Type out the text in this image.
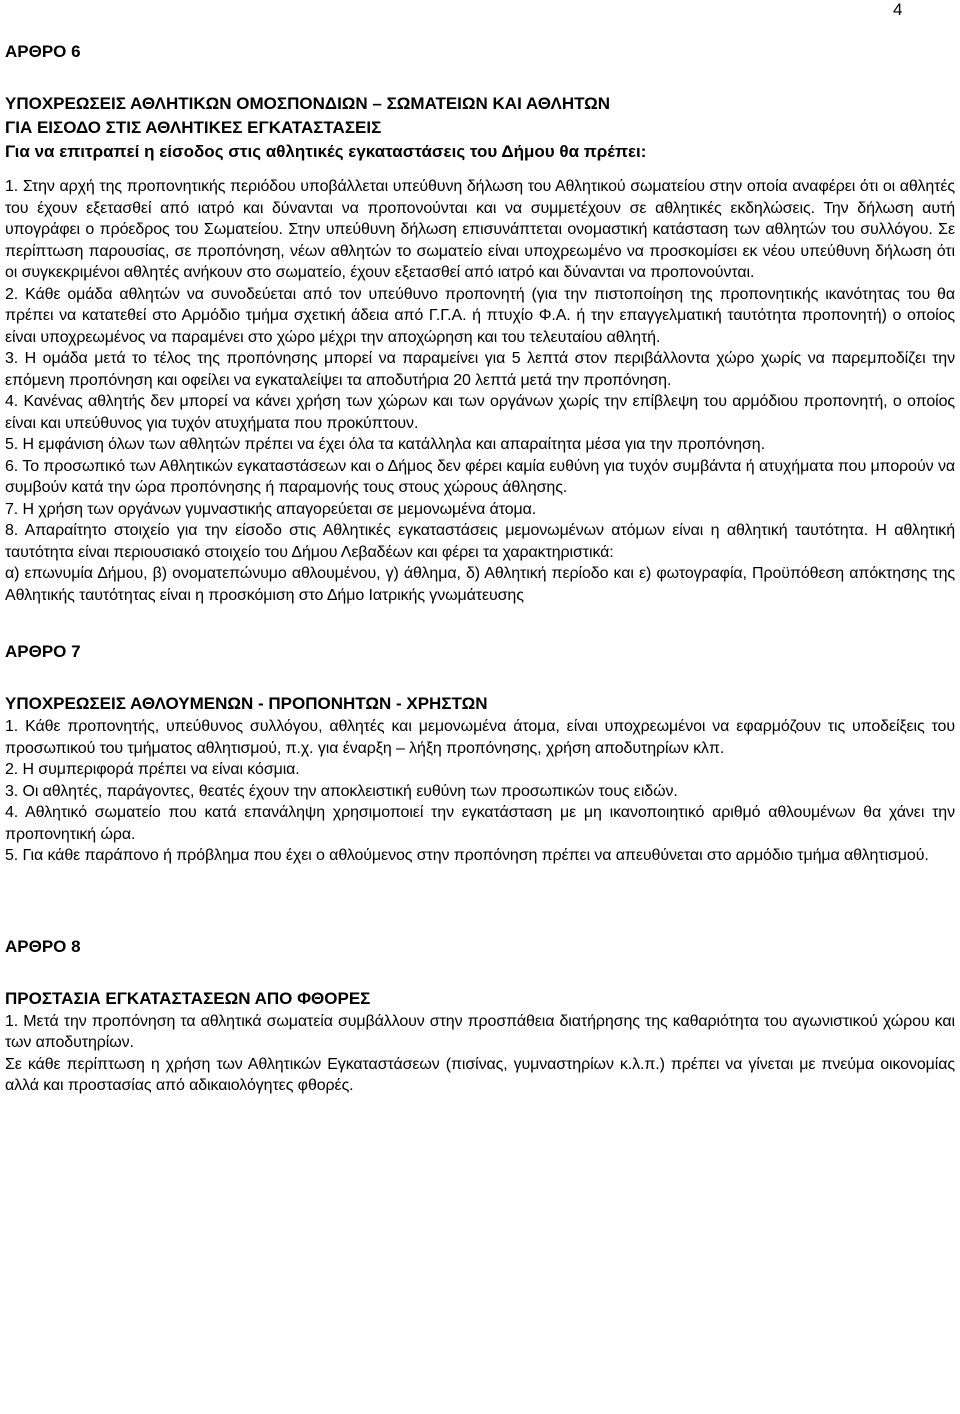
4

ΑΡΘΡΟ 6

ΥΠΟΧΡΕΩΣΕΙΣ ΑΘΛΗΤΙΚΩΝ ΟΜΟΣΠΟΝΔΙΩΝ – ΣΩΜΑΤΕΙΩΝ ΚΑΙ ΑΘΛΗΤΩΝ

ΓΙΑ ΕΙΣΟΔΟ ΣΤΙΣ ΑΘΛΗΤΙΚΕΣ ΕΓΚΑΤΑΣΤΑΣΕΙΣ

Για να επιτραπεί η είσοδος στις αθλητικές εγκαταστάσεις του Δήμου θα πρέπει:

1. Στην αρχή της προπονητικής περιόδου υποβάλλεται υπεύθυνη δήλωση του Αθλητικού σωματείου στην οποία αναφέρει ότι οι αθλητές του έχουν εξετασθεί από ιατρό και δύνανται να προπονούνται και να συμμετέχουν σε αθλητικές εκδηλώσεις. Την δήλωση αυτή υπογράφει ο πρόεδρος του Σωματείου. Στην υπεύθυνη δήλωση επισυνάπτεται ονομαστική κατάσταση των αθλητών του συλλόγου. Σε περίπτωση παρουσίας, σε προπόνηση, νέων αθλητών το σωματείο είναι υποχρεωμένο να προσκομίσει εκ νέου υπεύθυνη δήλωση ότι οι συγκεκριμένοι αθλητές ανήκουν στο σωματείο, έχουν εξετασθεί από ιατρό και δύνανται να προπονούνται.

2. Κάθε ομάδα αθλητών να συνοδεύεται από τον υπεύθυνο προπονητή (για την πιστοποίηση της προπονητικής ικανότητας του θα πρέπει να κατατεθεί στο Αρμόδιο τμήμα σχετική άδεια από Γ.Γ.Α. ή πτυχίο Φ.Α. ή την επαγγελματική ταυτότητα προπονητή) ο οποίος είναι υποχρεωμένος να παραμένει στο χώρο μέχρι την αποχώρηση και του τελευταίου αθλητή.

3. Η ομάδα μετά το τέλος της προπόνησης μπορεί να παραμείνει για 5 λεπτά στον περιβάλλοντα χώρο χωρίς να παρεμποδίζει την επόμενη προπόνηση και οφείλει να εγκαταλείψει τα αποδυτήρια 20 λεπτά μετά την προπόνηση.

4. Κανένας αθλητής δεν μπορεί να κάνει χρήση των χώρων και των οργάνων χωρίς την επίβλεψη του αρμόδιου προπονητή, ο οποίος είναι και υπεύθυνος για τυχόν ατυχήματα που προκύπτουν.

5. Η εμφάνιση όλων των αθλητών πρέπει να έχει όλα τα κατάλληλα και απαραίτητα μέσα για την προπόνηση.

6. Το προσωπικό των Αθλητικών εγκαταστάσεων και ο Δήμος δεν φέρει καμία ευθύνη για τυχόν συμβάντα ή ατυχήματα που μπορούν να συμβούν κατά την ώρα προπόνησης ή παραμονής τους στους χώρους άθλησης.

7. Η χρήση των οργάνων γυμναστικής απαγορεύεται σε μεμονωμένα άτομα.

8. Απαραίτητο στοιχείο για την είσοδο στις Αθλητικές εγκαταστάσεις μεμονωμένων ατόμων είναι η αθλητική ταυτότητα. Η αθλητική ταυτότητα είναι περιουσιακό στοιχείο του Δήμου Λεβαδέων και φέρει τα χαρακτηριστικά:

α) επωνυμία Δήμου, β) ονοματεπώνυμο αθλουμένου, γ) άθλημα, δ) Αθλητική περίοδο και ε) φωτογραφία, Προϋπόθεση απόκτησης της Αθλητικής ταυτότητας είναι η προσκόμιση στο Δήμο Ιατρικής γνωμάτευσης

ΑΡΘΡΟ 7

ΥΠΟΧΡΕΩΣΕΙΣ ΑΘΛΟΥΜΕΝΩΝ - ΠΡΟΠΟΝΗΤΩΝ - ΧΡΗΣΤΩΝ

1. Κάθε προπονητής, υπεύθυνος συλλόγου, αθλητές και μεμονωμένα άτομα, είναι υποχρεωμένοι να εφαρμόζουν τις υποδείξεις του προσωπικού του τμήματος αθλητισμού, π.χ. για έναρξη – λήξη προπόνησης, χρήση αποδυτηρίων κλπ.

2. Η συμπεριφορά πρέπει να είναι κόσμια.

3. Οι αθλητές, παράγοντες, θεατές έχουν την αποκλειστική ευθύνη των προσωπικών τους ειδών.

4. Αθλητικό σωματείο που κατά επανάληψη χρησιμοποιεί την εγκατάσταση με μη ικανοποιητικό αριθμό αθλουμένων θα χάνει την προπονητική ώρα.

5. Για κάθε παράπονο ή πρόβλημα που έχει ο αθλούμενος στην προπόνηση πρέπει να απευθύνεται στο αρμόδιο τμήμα αθλητισμού.

ΑΡΘΡΟ 8

ΠΡΟΣΤΑΣΙΑ ΕΓΚΑΤΑΣΤΑΣΕΩΝ ΑΠΟ ΦΘΟΡΕΣ

1. Μετά την προπόνηση τα αθλητικά σωματεία συμβάλλουν στην προσπάθεια διατήρησης της καθαριότητα του αγωνιστικού χώρου και των αποδυτηρίων.

Σε κάθε περίπτωση η χρήση των Αθλητικών Εγκαταστάσεων (πισίνας, γυμναστηρίων κ.λ.π.) πρέπει να γίνεται με πνεύμα οικονομίας αλλά και προστασίας από αδικαιολόγητες φθορές.
